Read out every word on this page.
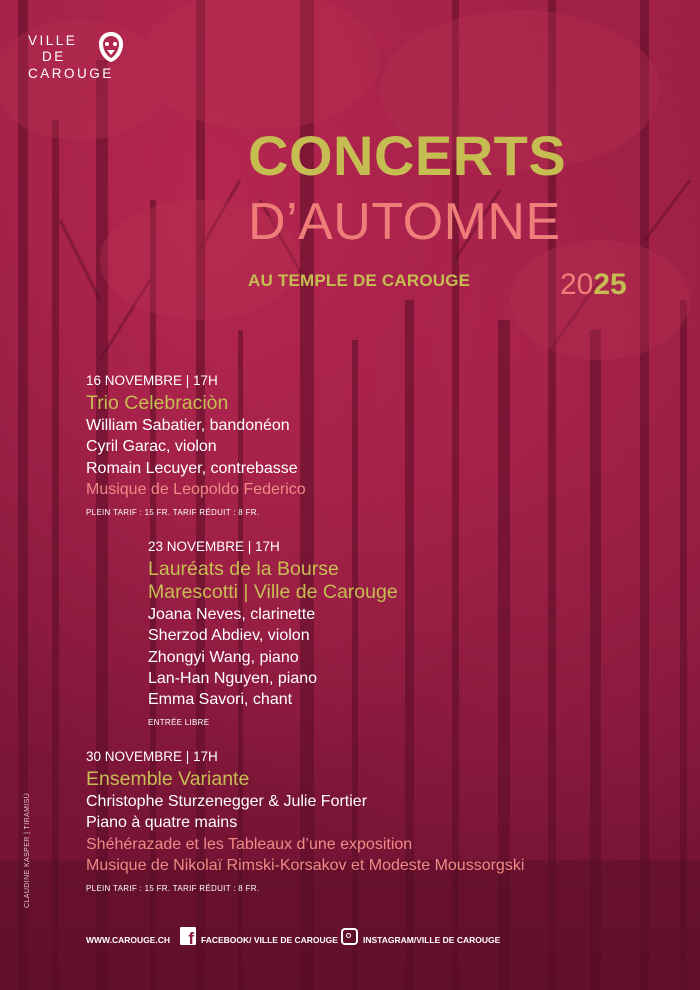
VILLE
DE
CAROUGE
CONCERTS
D’AUTOMNE
AU TEMPLE DE CAROUGE	2025
16 NOVEMBRE | 17H
Trio Celebraciòn
William Sabatier, bandonéon
Cyril Garac, violon
Romain Lecuyer, contrebasse
Musique de Leopoldo Federico
PLEIN TARIF : 15 FR. TARIF RÉDUIT : 8 FR.
23 NOVEMBRE | 17H
Lauréats de la Bourse
Marescotti | Ville de Carouge
Joana Neves, clarinette
Sherzod Abdiev, violon
Zhongyi Wang, piano
Lan-Han Nguyen, piano
Emma Savori, chant
ENTRÉE LIBRE
30 NOVEMBRE | 17H
Ensemble Variante
Christophe Sturzenegger & Julie Fortier
Piano à quatre mains
Shéhérazade et les Tableaux d’une exposition
Musique de Nikolaï Rimski-Korsakov et Modeste Moussorgski
PLEIN TARIF : 15 FR. TARIF RÉDUIT : 8 FR.
CLAUDINE KASPER | TIRAMISÙ
WWW.CAROUGE.CH f FACEBOOK/ VILLE DE CAROUGE	INSTAGRAM/VILLE DE CAROUGE
